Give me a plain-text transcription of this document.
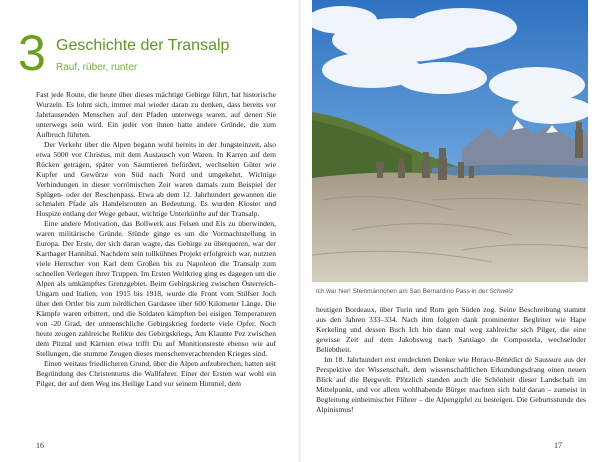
3 Geschichte der Transalp
Rauf, rüber, runter

Fast jede Route, die heute über dieses mächtige Gebirge führt, hat historische Wurzeln. Es lohnt sich, immer mal wieder daran zu denken, dass bereits vor Jahrtausenden Menschen auf den Pfaden unterwegs waren, auf denen Sie unterwegs sein wird. Ein jeder von ihnen hatte andere Gründe, die zum Aufbruch führten.

Der Verkehr über die Alpen begann wohl bereits in der Jungsteinzeit, also etwa 5000 vor Christus, mit dem Austausch von Waren. In Karren auf dem Rücken getragen, später von Saumtieren befördert, wechselten Güter wie Kupfer und Gewürze von Süd nach Nord und umgekehrt. Wichtige Verbindungen in dieser vorrömischen Zeit waren damals zum Beispiel der Splügen- oder der Reschenpass. Etwa ab dem 12. Jahrhundert gewannen die schmalen Pfade als Handelsrouten an Bedeutung. Es wurden Kloster und Hospize entlang der Wege gebaut, wichtige Unterkünfte auf der Transalp.

Eine andere Motivation, das Bollwerk aus Felsen und Eis zu überwinden, waren militärische Gründe. Stünde ginge es um die Vormachtstellung in Europa. Der Erste, der sich daran wagte, das Gebirge zu überqueren, war der Karthager Hannibal. Nachdem sein tollkühnes Projekt erfolgreich war, nutzten viele Herrscher von Karl dem Großen bis zu Napoleon die Transalp zum schnellen Verlegen ihrer Truppen. Im Ersten Weltkrieg ging es dagegen um die Alpen als umkämpftes Grenzgebiet. Beim Gebirgskrieg zwischen Österreich-Ungarn und Italien, von 1915 bis 1918, wurde die Front vom Stilfser Joch über den Ortler bis zum nördlichen Gardasee über 600 Kilometer Länge. Die Kämpfe waren erbittert, und die Soldaten kämpften bei eisigen Temperaturen von -20 Grad, der unmenschliche Gebirgskrieg forderte viele Opfer. Noch heute zeugen zahlreiche Relikte des Gebirgskriegs, Am Klaunte Pez zwischen dem Pitztal und Kärnten etwa trifft Du auf Munitionsreste ebenso wie auf Stellungen, die stumme Zeugen dieses menschenverachtenden Krieges sind.

Einen weitaus friedlicheren Grund, über die Alpen aufzubrechen, hatten seit Begründung des Christentums die Wallfahrer. Einer der Ersten war wohl ein Pilger, der auf dem Weg ins Heilige Land vor seinem Himmel, dem

16
Ich war hier! Steinmännchen am San Bernardino Pass in der Schweiz

heutigen Bordeaux, über Turin und Rom gen Süden zog. Seine Beschreibung stammt aus den Jahren 333–334. Nach ihm folgten dank prominenter Begleiter wie Hape Kerkeling und dessen Buch Ich bin dann mal weg zahlreiche sich Pilger, die eine gewisse Zeit auf dem Jakobsweg nach Santiago de Compostela, wechselnder Beliebtheit.

Im 18. Jahrhundert erst entdeckten Denker wie Horace-Bénédict de Saussure aus der Perspektive der Wissenschaft, dem wissenschaftlichen Erkundungsdrang einen neuen Blick auf die Bergwelt. Plötzlich standen auch die Schönheit dieser Landschaft im Mittelpunkt, und vor allem wohlhabende Bürger machten sich bald daran – zumeist in Begleitung einheimischer Führer – die Alpengipfel zu besteigen. Die Geburtsstunde des Alpinismus!

17
